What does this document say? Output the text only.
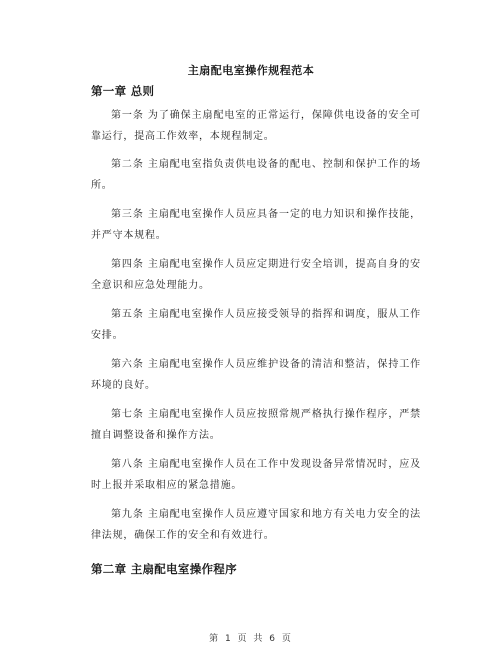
主扇配电室操作规程范本
第一章 总则
第一条 为了确保主扇配电室的正常运行，保障供电设备的安全可靠运行，提高工作效率，本规程制定。
第二条 主扇配电室指负责供电设备的配电、控制和保护工作的场所。
第三条 主扇配电室操作人员应具备一定的电力知识和操作技能，并严守本规程。
第四条 主扇配电室操作人员应定期进行安全培训，提高自身的安全意识和应急处理能力。
第五条 主扇配电室操作人员应接受领导的指挥和调度，服从工作安排。
第六条 主扇配电室操作人员应维护设备的清洁和整洁，保持工作环境的良好。
第七条 主扇配电室操作人员应按照常规严格执行操作程序，严禁擅自调整设备和操作方法。
第八条 主扇配电室操作人员在工作中发现设备异常情况时，应及时上报并采取相应的紧急措施。
第九条 主扇配电室操作人员应遵守国家和地方有关电力安全的法律法规，确保工作的安全和有效进行。
第二章 主扇配电室操作程序
第 1 页 共 6 页
